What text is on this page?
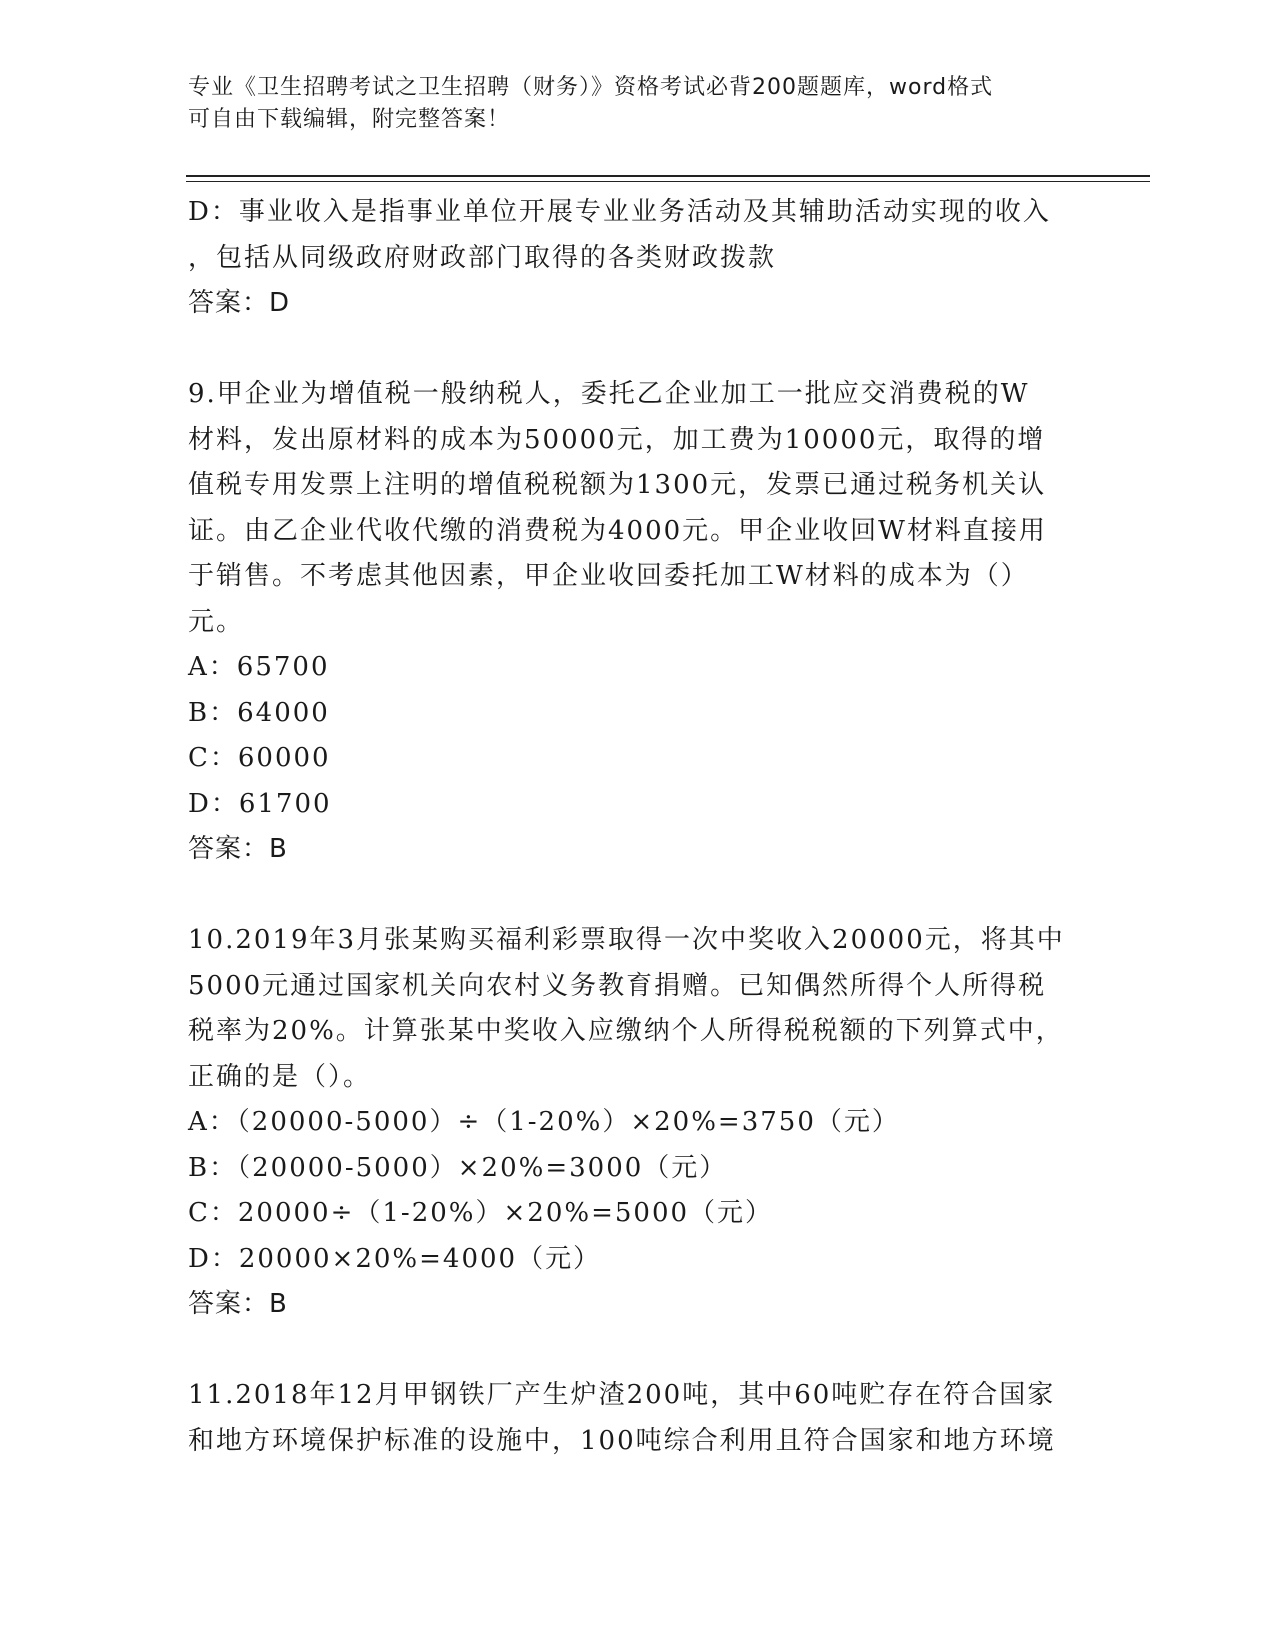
专业《卫生招聘考试之卫生招聘（财务）》资格考试必背200题题库，word格式
可自由下载编辑，附完整答案！
D：事业收入是指事业单位开展专业业务活动及其辅助活动实现的收入
，包括从同级政府财政部门取得的各类财政拨款
答案：D
9.甲企业为增值税一般纳税人，委托乙企业加工一批应交消费税的W
材料，发出原材料的成本为50000元，加工费为10000元，取得的增
值税专用发票上注明的增值税税额为1300元，发票已通过税务机关认
证。由乙企业代收代缴的消费税为4000元。甲企业收回W材料直接用
于销售。不考虑其他因素，甲企业收回委托加工W材料的成本为（）
元。
A：65700
B：64000
C：60000
D：61700
答案：B
10.2019年3月张某购买福利彩票取得一次中奖收入20000元，将其中
5000元通过国家机关向农村义务教育捐赠。已知偶然所得个人所得税
税率为20%。计算张某中奖收入应缴纳个人所得税税额的下列算式中，
正确的是（）。
A：（20000-5000）÷（1-20%）×20%=3750（元）
B：（20000-5000）×20%=3000（元）
C：20000÷（1-20%）×20%=5000（元）
D：20000×20%=4000（元）
答案：B
11.2018年12月甲钢铁厂产生炉渣200吨，其中60吨贮存在符合国家
和地方环境保护标准的设施中，100吨综合利用且符合国家和地方环境
